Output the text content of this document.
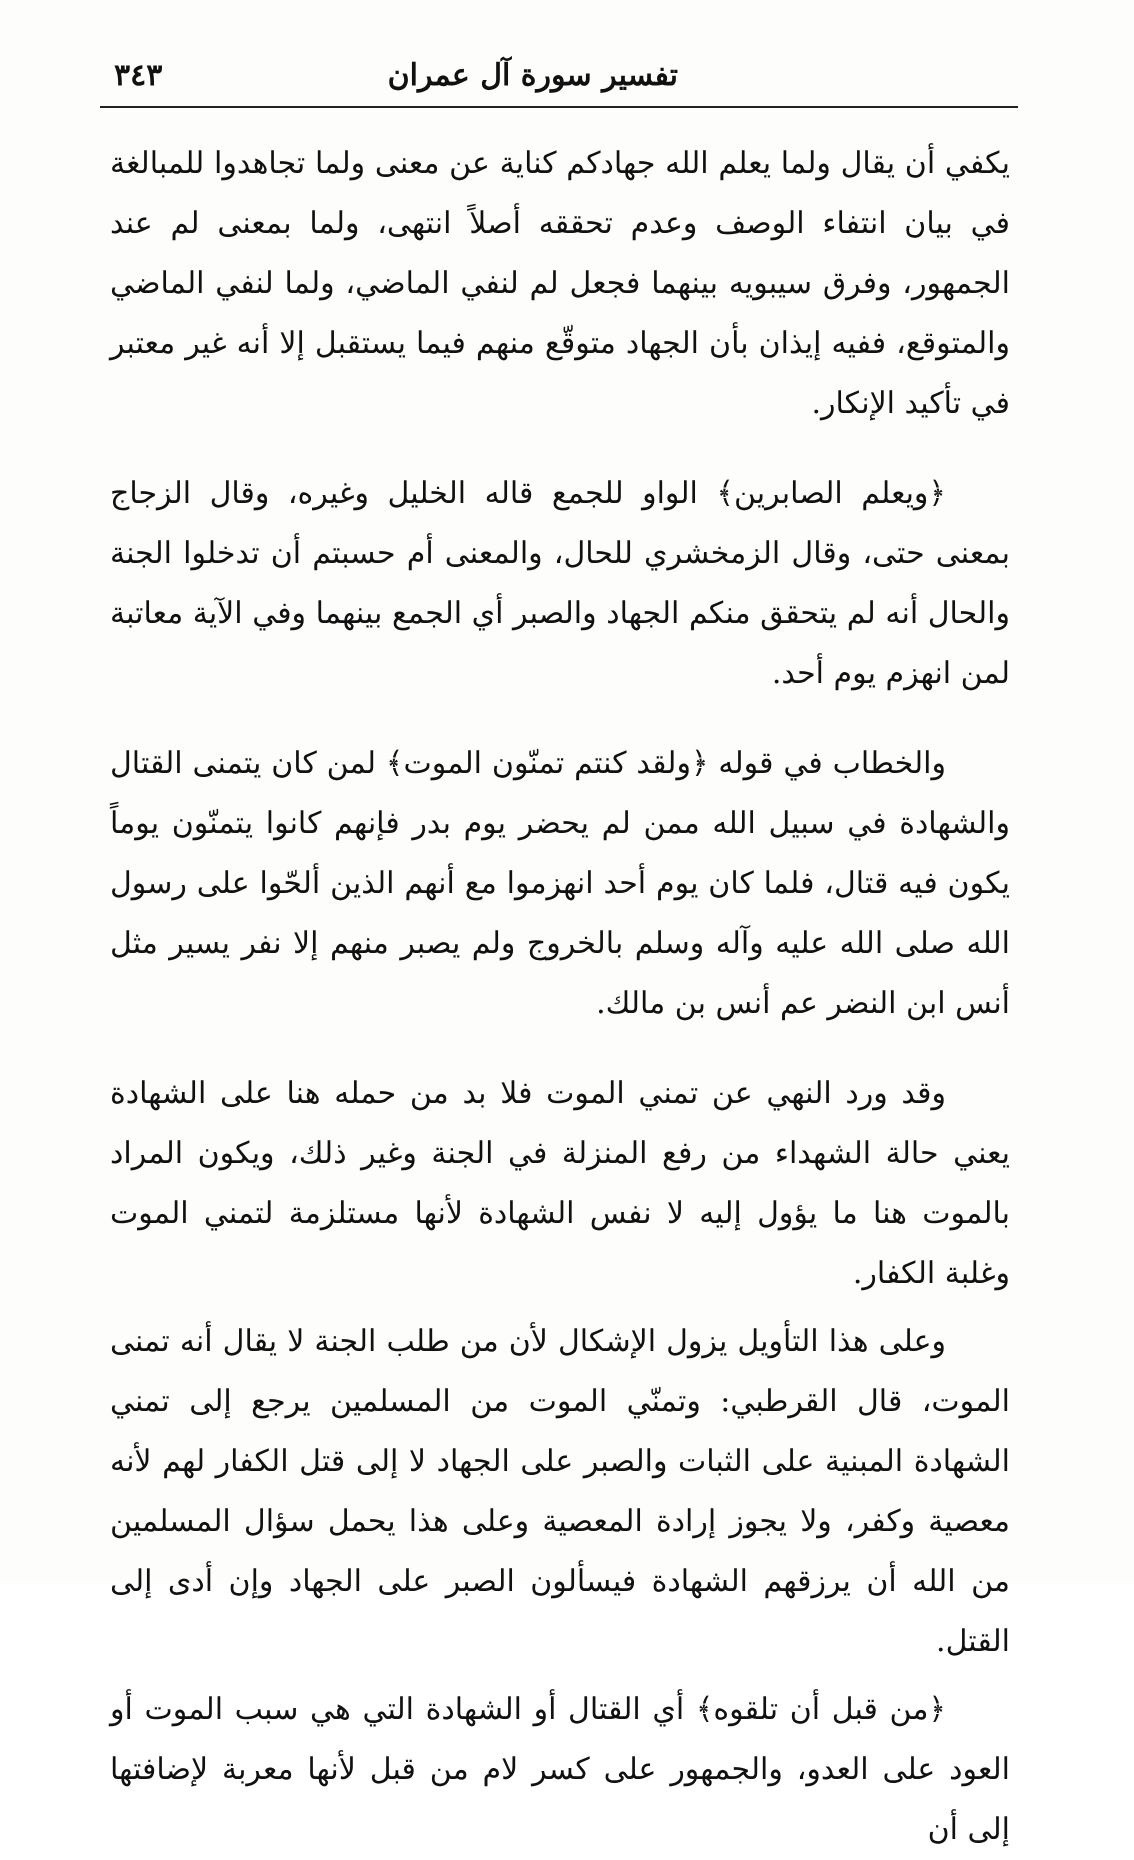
تفسير سورة آل عمران
٣٤٣

يكفي أن يقال ولما يعلم الله جهادكم كناية عن معنى ولما تجاهدوا للمبالغة في بيان انتفاء الوصف وعدم تحققه أصلاً انتهى، ولما بمعنى لم عند الجمهور، وفرق سيبويه بينهما فجعل لم لنفي الماضي، ولما لنفي الماضي والمتوقع، ففيه إيذان بأن الجهاد متوقّع منهم فيما يستقبل إلا أنه غير معتبر في تأكيد الإنكار.

﴿ويعلم الصابرين﴾ الواو للجمع قاله الخليل وغيره، وقال الزجاج بمعنى حتى، وقال الزمخشري للحال، والمعنى أم حسبتم أن تدخلوا الجنة والحال أنه لم يتحقق منكم الجهاد والصبر أي الجمع بينهما وفي الآية معاتبة لمن انهزم يوم أحد.

والخطاب في قوله ﴿ولقد كنتم تمنّون الموت﴾ لمن كان يتمنى القتال والشهادة في سبيل الله ممن لم يحضر يوم بدر فإنهم كانوا يتمنّون يوماً يكون فيه قتال، فلما كان يوم أحد انهزموا مع أنهم الذين ألحّوا على رسول الله صلى الله عليه وآله وسلم بالخروج ولم يصبر منهم إلا نفر يسير مثل أنس ابن النضر عم أنس بن مالك.

وقد ورد النهي عن تمني الموت فلا بد من حمله هنا على الشهادة يعني حالة الشهداء من رفع المنزلة في الجنة وغير ذلك، ويكون المراد بالموت هنا ما يؤول إليه لا نفس الشهادة لأنها مستلزمة لتمني الموت وغلبة الكفار.

وعلى هذا التأويل يزول الإشكال لأن من طلب الجنة لا يقال أنه تمنى الموت، قال القرطبي: وتمنّي الموت من المسلمين يرجع إلى تمني الشهادة المبنية على الثبات والصبر على الجهاد لا إلى قتل الكفار لهم لأنه معصية وكفر، ولا يجوز إرادة المعصية وعلى هذا يحمل سؤال المسلمين من الله أن يرزقهم الشهادة فيسألون الصبر على الجهاد وإن أدى إلى القتل.

﴿من قبل أن تلقوه﴾ أي القتال أو الشهادة التي هي سبب الموت أو العود على العدو، والجمهور على كسر لام من قبل لأنها معربة لإضافتها إلى أن
